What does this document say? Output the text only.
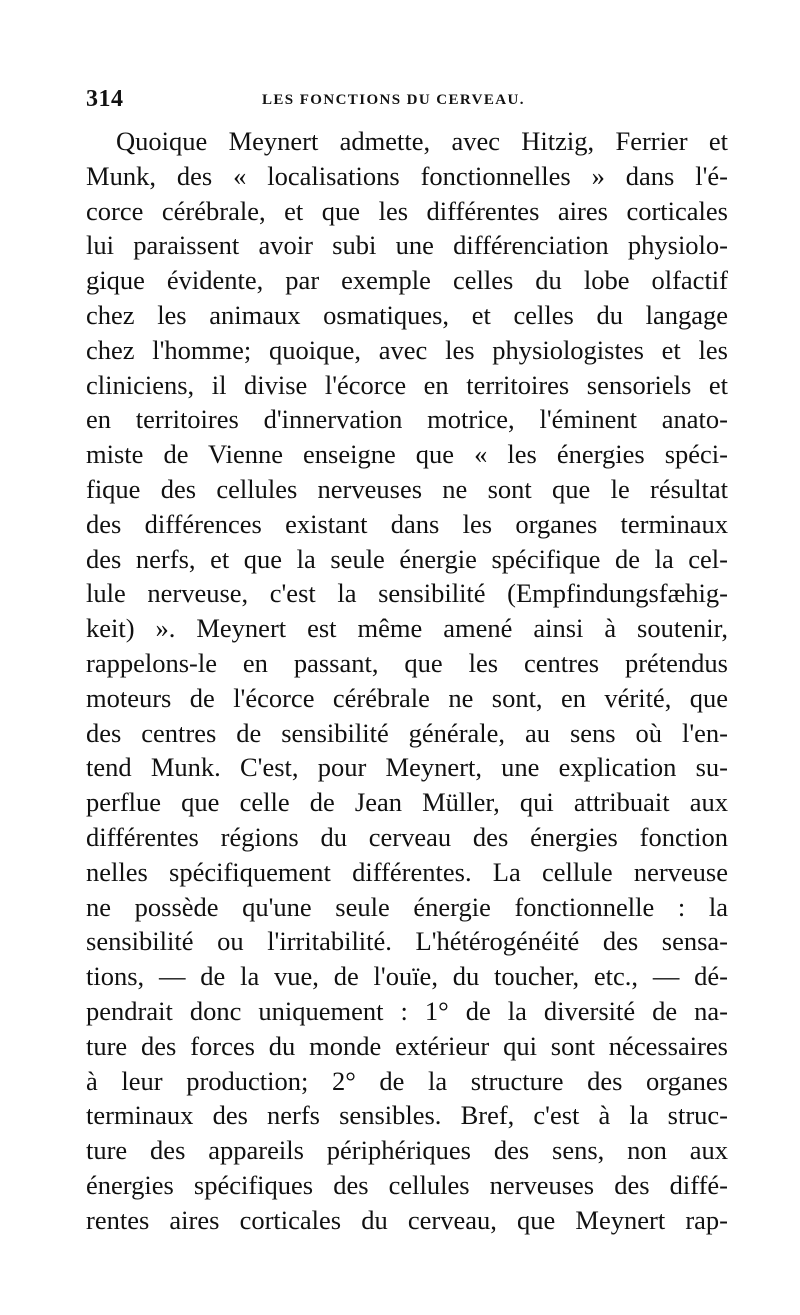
314	LES FONCTIONS DU CERVEAU.
Quoique Meynert admette, avec Hitzig, Ferrier et
Munk, des « localisations fonctionnelles » dans l'é-
corce cérébrale, et que les différentes aires corticales
lui paraissent avoir subi une différenciation physiolo-
gique évidente, par exemple celles du lobe olfactif
chez les animaux osmatiques, et celles du langage
chez l'homme; quoique, avec les physiologistes et les
cliniciens, il divise l'écorce en territoires sensoriels et
en territoires d'innervation motrice, l'éminent anato-
miste de Vienne enseigne que « les énergies spéci-
fique des cellules nerveuses ne sont que le résultat
des différences existant dans les organes terminaux
des nerfs, et que la seule énergie spécifique de la cel-
lule nerveuse, c'est la sensibilité (Empfindungsfæhig-
keit) ». Meynert est même amené ainsi à soutenir,
rappelons-le en passant, que les centres prétendus
moteurs de l'écorce cérébrale ne sont, en vérité, que
des centres de sensibilité générale, au sens où l'en-
tend Munk. C'est, pour Meynert, une explication su-
perflue que celle de Jean Müller, qui attribuait aux
différentes régions du cerveau des énergies fonction
nelles spécifiquement différentes. La cellule nerveuse
ne possède qu'une seule énergie fonctionnelle : la
sensibilité ou l'irritabilité. L'hétérogénéité des sensa-
tions, — de la vue, de l'ouïe, du toucher, etc., — dé-
pendrait donc uniquement : 1° de la diversité de na-
ture des forces du monde extérieur qui sont nécessaires
à leur production; 2° de la structure des organes
terminaux des nerfs sensibles. Bref, c'est à la struc-
ture des appareils périphériques des sens, non aux
énergies spécifiques des cellules nerveuses des diffé-
rentes aires corticales du cerveau, que Meynert rap-
